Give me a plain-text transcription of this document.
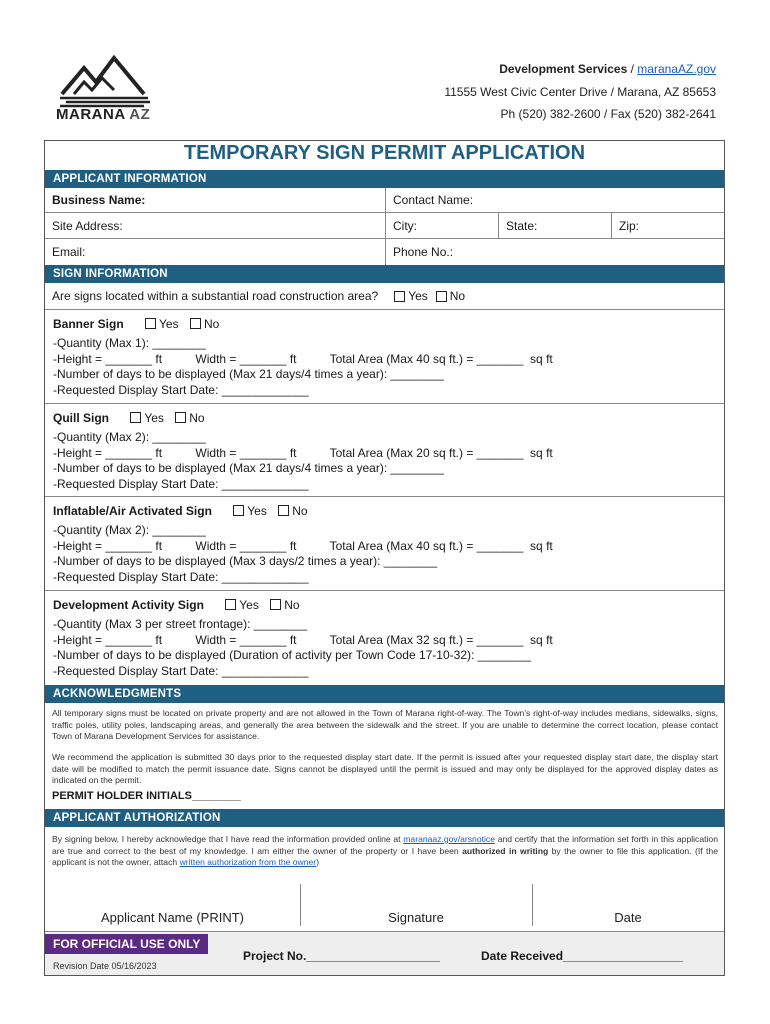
MARANA AZ
Development Services / maranaAZ.gov
11555 West Civic Center Drive / Marana, AZ 85653
Ph (520) 382-2600 / Fax (520) 382-2641
TEMPORARY SIGN PERMIT APPLICATION
APPLICANT INFORMATION
Business Name:	Contact Name:
Site Address:	City:	State:	Zip:
Email:	Phone No.:
SIGN INFORMATION
Are signs located within a substantial road construction area?	Yes No
Banner Sign	Yes No
-Quantity (Max 1): ________
-Height = _______ ft          Width = _______ ft          Total Area (Max 40 sq ft.) = _______  sq ft
-Number of days to be displayed (Max 21 days/4 times a year): ________
-Requested Display Start Date: _____________
Quill Sign	Yes No
-Quantity (Max 2): ________
-Height = _______ ft          Width = _______ ft          Total Area (Max 20 sq ft.) = _______  sq ft
-Number of days to be displayed (Max 21 days/4 times a year): ________
-Requested Display Start Date: _____________
Inflatable/Air Activated Sign	Yes No
-Quantity (Max 2): ________
-Height = _______ ft          Width = _______ ft          Total Area (Max 40 sq ft.) = _______  sq ft
-Number of days to be displayed (Max 3 days/2 times a year): ________
-Requested Display Start Date: _____________
Development Activity Sign	Yes No
-Quantity (Max 3 per street frontage): ________
-Height = _______ ft          Width = _______ ft          Total Area (Max 32 sq ft.) = _______  sq ft
-Number of days to be displayed (Duration of activity per Town Code 17-10-32): ________
-Requested Display Start Date: _____________
ACKNOWLEDGMENTS
All temporary signs must be located on private property and are not allowed in the Town of Marana right-of-way. The Town's right-of-way includes medians, sidewalks, signs, traffic poles, utility poles, landscaping areas, and generally the area between the sidewalk and the street. If you are unable to determine the correct location, please contact Town of Marana Development Services for assistance.
We recommend the application is submitted 30 days prior to the requested display start date. If the permit is issued after your requested display start date, the display start date will be modified to match the permit issuance date. Signs cannot be displayed until the permit is issued and may only be displayed for the approved display dates as indicated on the permit.
PERMIT HOLDER INITIALS________
APPLICANT AUTHORIZATION
By signing below, I hereby acknowledge that I have read the information provided online at maranaaz.gov/arsnotice and certify that the information set forth in this application are true and correct to the best of my knowledge. I am either the owner of the property or I have been authorized in writing by the owner to file this application. (If the applicant is not the owner, attach written authorization from the owner)
Applicant Name (PRINT)	Signature	Date
FOR OFFICIAL USE ONLY
Revision Date 05/16/2023
Project No.____________________	Date Received__________________
